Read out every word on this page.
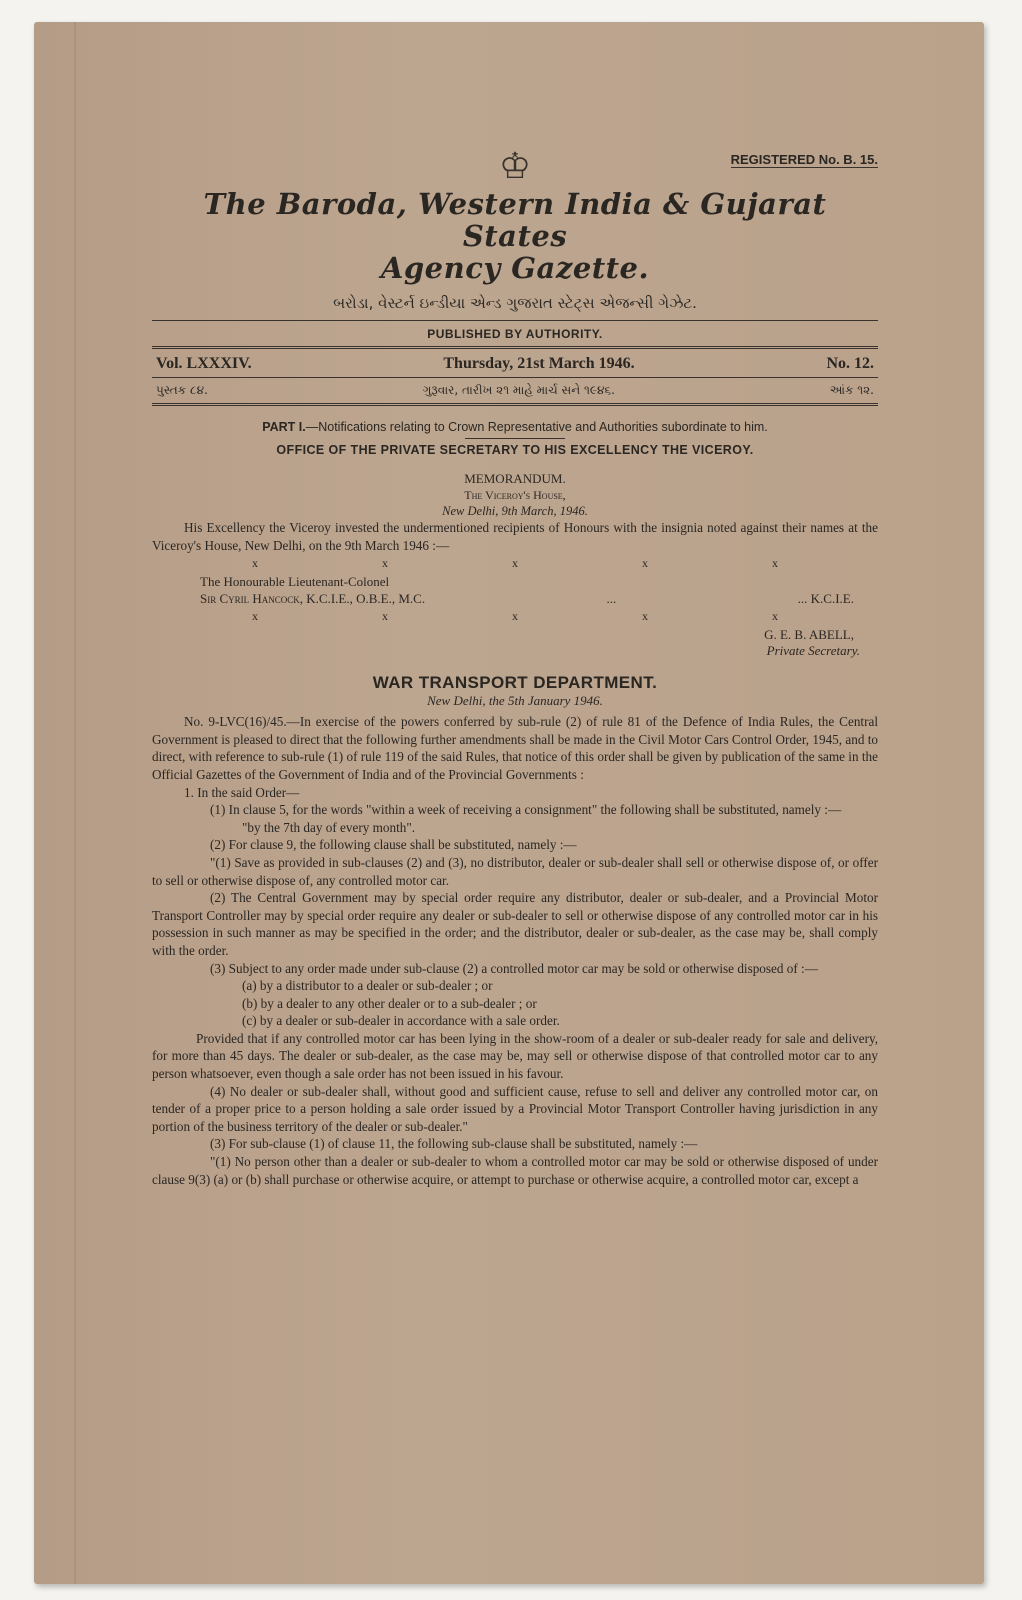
♔	REGISTERED No. B. 15.
The Baroda, Western India & Gujarat States
Agency Gazette.
બરોડા, વેસ્ટર્ન ઇન્ડીયા એન્ડ ગુજરાત સ્ટેટ્સ એજન્સી ગેઝેટ.
PUBLISHED BY AUTHORITY.
Vol. LXXXIV.	Thursday, 21st March 1946.	No. 12.
પુસ્તક ૮૪.	ગુરૂવાર, તારીખ ૨૧ માહે માર્ચ સને ૧૯૪૬.	આંક ૧૨.
PART I.—Notifications relating to Crown Representative and Authorities subordinate to him.
OFFICE OF THE PRIVATE SECRETARY TO HIS EXCELLENCY THE VICEROY.
MEMORANDUM.
The Viceroy's House,
New Delhi, 9th March, 1946.

His Excellency the Viceroy invested the undermentioned recipients of Honours with the insignia noted against their names at the Viceroy's House, New Delhi, on the 9th March 1946 :—

x	x	x	x	x
The Honourable Lieutenant-Colonel
Sir Cyril Hancock, K.C.I.E., O.B.E., M.C.	...	... K.C.I.E.
x	x	x	x	x
G. E. B. ABELL,
Private Secretary.
WAR TRANSPORT DEPARTMENT.
New Delhi, the 5th January 1946.

No. 9-LVC(16)/45.—In exercise of the powers conferred by sub-rule (2) of rule 81 of the Defence of India Rules, the Central Government is pleased to direct that the following further amendments shall be made in the Civil Motor Cars Control Order, 1945, and to direct, with reference to sub-rule (1) of rule 119 of the said Rules, that notice of this order shall be given by publication of the same in the Official Gazettes of the Government of India and of the Provincial Governments :

1. In the said Order—

(1) In clause 5, for the words "within a week of receiving a consignment" the following shall be substituted, namely :—

"by the 7th day of every month".

(2) For clause 9, the following clause shall be substituted, namely :—

"(1) Save as provided in sub-clauses (2) and (3), no distributor, dealer or sub-dealer shall sell or otherwise dispose of, or offer to sell or otherwise dispose of, any controlled motor car.

(2) The Central Government may by special order require any distributor, dealer or sub-dealer, and a Provincial Motor Transport Controller may by special order require any dealer or sub-dealer to sell or otherwise dispose of any controlled motor car in his possession in such manner as may be specified in the order; and the distributor, dealer or sub-dealer, as the case may be, shall comply with the order.

(3) Subject to any order made under sub-clause (2) a controlled motor car may be sold or otherwise disposed of :—

(a) by a distributor to a dealer or sub-dealer ; or

(b) by a dealer to any other dealer or to a sub-dealer ; or

(c) by a dealer or sub-dealer in accordance with a sale order.

Provided that if any controlled motor car has been lying in the show-room of a dealer or sub-dealer ready for sale and delivery, for more than 45 days. The dealer or sub-dealer, as the case may be, may sell or otherwise dispose of that controlled motor car to any person whatsoever, even though a sale order has not been issued in his favour.

(4) No dealer or sub-dealer shall, without good and sufficient cause, refuse to sell and deliver any controlled motor car, on tender of a proper price to a person holding a sale order issued by a Provincial Motor Transport Controller having jurisdiction in any portion of the business territory of the dealer or sub-dealer."

(3) For sub-clause (1) of clause 11, the following sub-clause shall be substituted, namely :—

"(1) No person other than a dealer or sub-dealer to whom a controlled motor car may be sold or otherwise disposed of under clause 9(3) (a) or (b) shall purchase or otherwise acquire, or attempt to purchase or otherwise acquire, a controlled motor car, except a
